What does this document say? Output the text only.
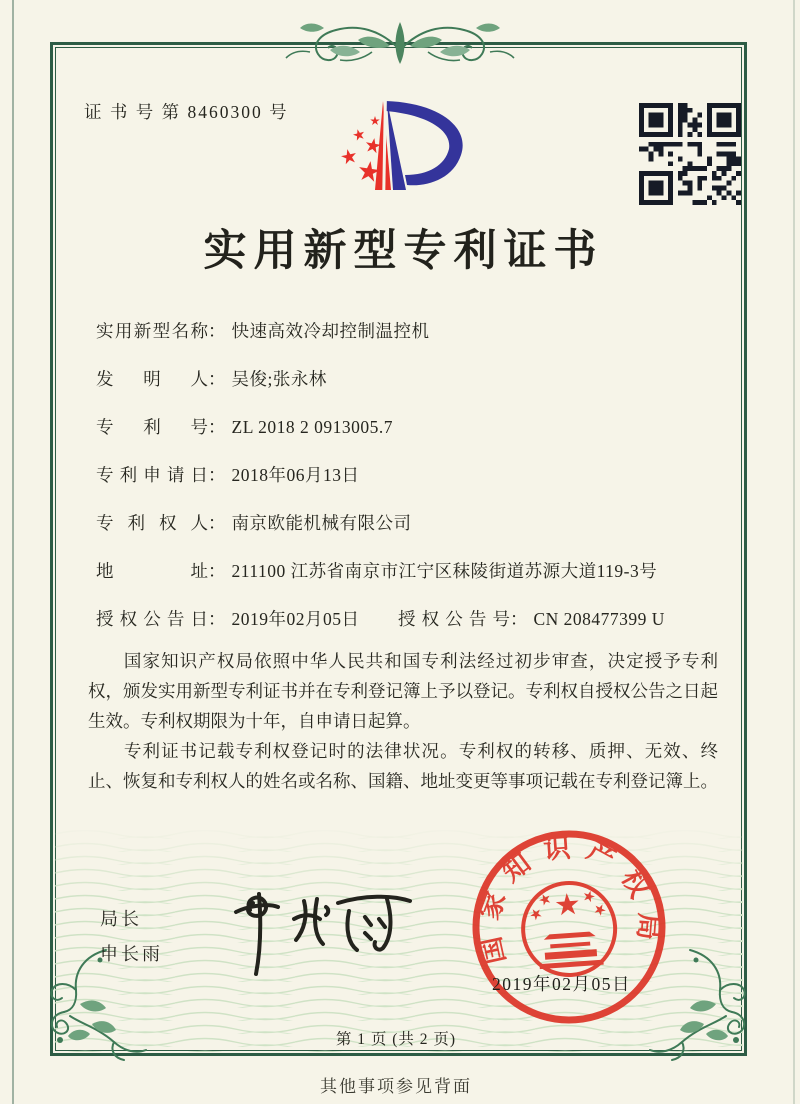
证 书 号 第 8460300 号
实用新型专利证书
实用新型名称： 快速高效冷却控制温控机
发明人： 吴俊;张永林
专利号： ZL 2018 2 0913005.7
专利申请日： 2018年06月13日
专利权人： 南京欧能机械有限公司
地址： 211100 江苏省南京市江宁区秣陵街道苏源大道119-3号
授权公告日： 2019年02月05日 授权公告号： CN 208477399 U

国家知识产权局依照中华人民共和国专利法经过初步审查，决定授予专利权，颁发实用新型专利证书并在专利登记簿上予以登记。专利权自授权公告之日起生效。专利权期限为十年，自申请日起算。

专利证书记载专利权登记时的法律状况。专利权的转移、质押、无效、终止、恢复和专利权人的姓名或名称、国籍、地址变更等事项记载在专利登记簿上。

局长
申长雨	国家知识产权局
2019年02月05日
第 1 页 (共 2 页)
其他事项参见背面
